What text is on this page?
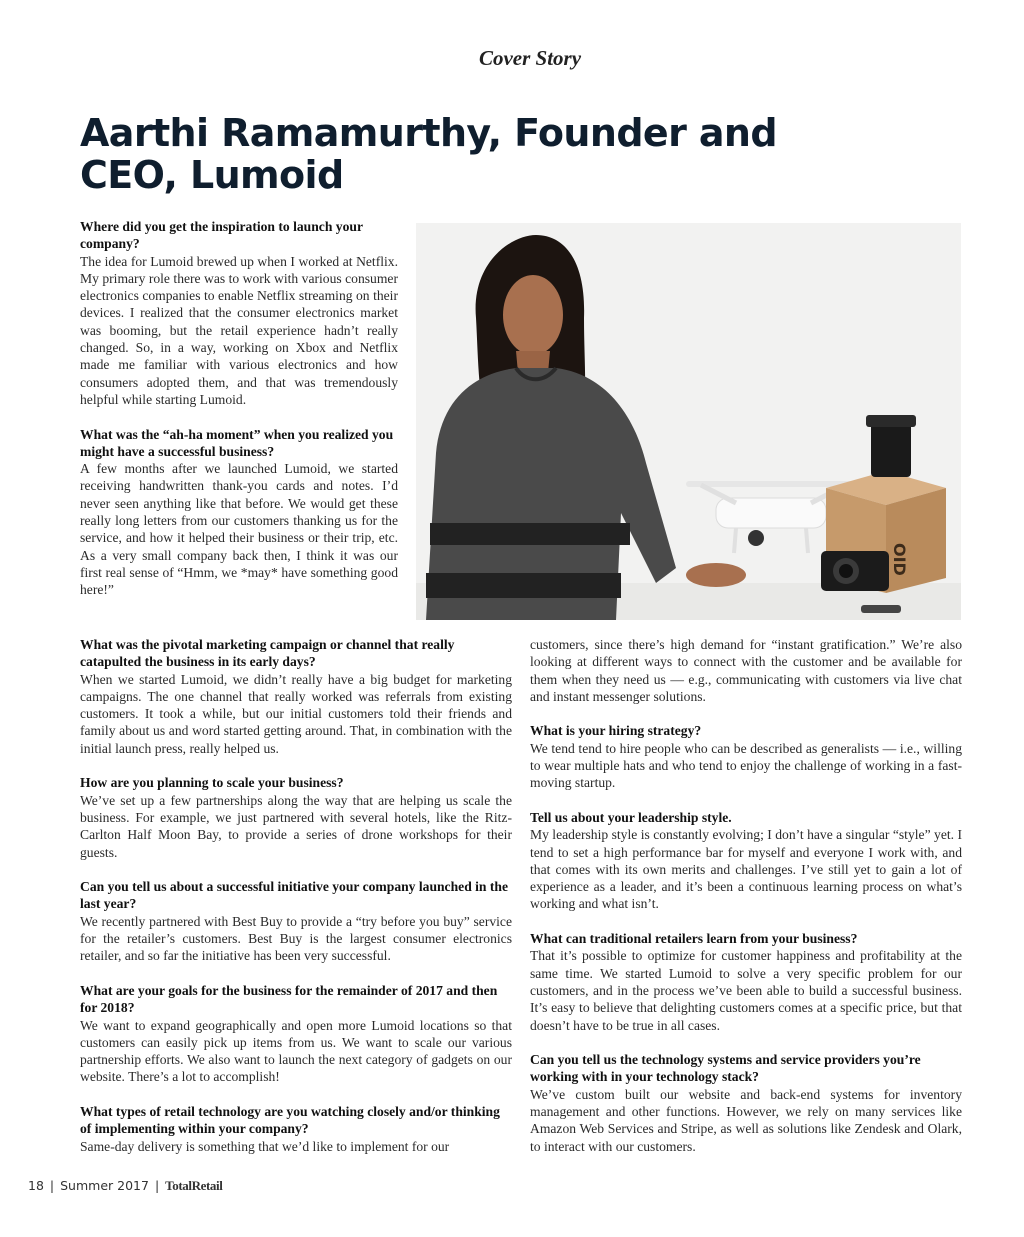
Cover Story
Aarthi Ramamurthy, Founder and CEO, Lumoid

Where did you get the inspiration to launch your company?

The idea for Lumoid brewed up when I worked at Netflix. My primary role there was to work with various consumer electronics companies to enable Netflix streaming on their devices. I realized that the consumer electronics market was booming, but the retail experience hadn’t really changed. So, in a way, working on Xbox and Netflix made me familiar with various electronics and how consumers adopted them, and that was tremendously helpful while starting Lumoid.

What was the “ah-ha moment” when you realized you might have a successful business?

A few months after we launched Lumoid, we started receiving handwritten thank-you cards and notes. I’d never seen anything like that before. We would get these really long letters from our customers thanking us for the service, and how it helped their business or their trip, etc. As a very small company back then, I think it was our first real sense of “Hmm, we *may* have something good here!”

OID

What was the pivotal marketing campaign or channel that really catapulted the business in its early days?

When we started Lumoid, we didn’t really have a big budget for marketing campaigns. The one channel that really worked was referrals from existing customers. It took a while, but our initial customers told their friends and family about us and word started getting around. That, in combination with the initial launch press, really helped us.

How are you planning to scale your business?

We’ve set up a few partnerships along the way that are helping us scale the business. For example, we just partnered with several hotels, like the Ritz-Carlton Half Moon Bay, to provide a series of drone workshops for their guests.

Can you tell us about a successful initiative your company launched in the last year?

We recently partnered with Best Buy to provide a “try before you buy” service for the retailer’s customers. Best Buy is the largest consumer electronics retailer, and so far the initiative has been very successful.

What are your goals for the business for the remainder of 2017 and then for 2018?

We want to expand geographically and open more Lumoid locations so that customers can easily pick up items from us. We want to scale our various partnership efforts. We also want to launch the next category of gadgets on our website. There’s a lot to accomplish!

What types of retail technology are you watching closely and/or thinking of implementing within your company?

Same-day delivery is something that we’d like to implement for our

customers, since there’s high demand for “instant gratification.” We’re also looking at different ways to connect with the customer and be available for them when they need us — e.g., communicating with customers via live chat and instant messenger solutions.

What is your hiring strategy?

We tend tend to hire people who can be described as generalists — i.e., willing to wear multiple hats and who tend to enjoy the challenge of working in a fast-moving startup.

Tell us about your leadership style.

My leadership style is constantly evolving; I don’t have a singular “style” yet. I tend to set a high performance bar for myself and everyone I work with, and that comes with its own merits and challenges. I’ve still yet to gain a lot of experience as a leader, and it’s been a continuous learning process on what’s working and what isn’t.

What can traditional retailers learn from your business?

That it’s possible to optimize for customer happiness and profitability at the same time. We started Lumoid to solve a very specific problem for our customers, and in the process we’ve been able to build a successful business. It’s easy to believe that delighting customers comes at a specific price, but that doesn’t have to be true in all cases.

Can you tell us the technology systems and service providers you’re working with in your technology stack?

We’ve custom built our website and back-end systems for inventory management and other functions. However, we rely on many services like Amazon Web Services and Stripe, as well as solutions like Zendesk and Olark, to interact with our customers.

18 | Summer 2017 | TotalRetail
